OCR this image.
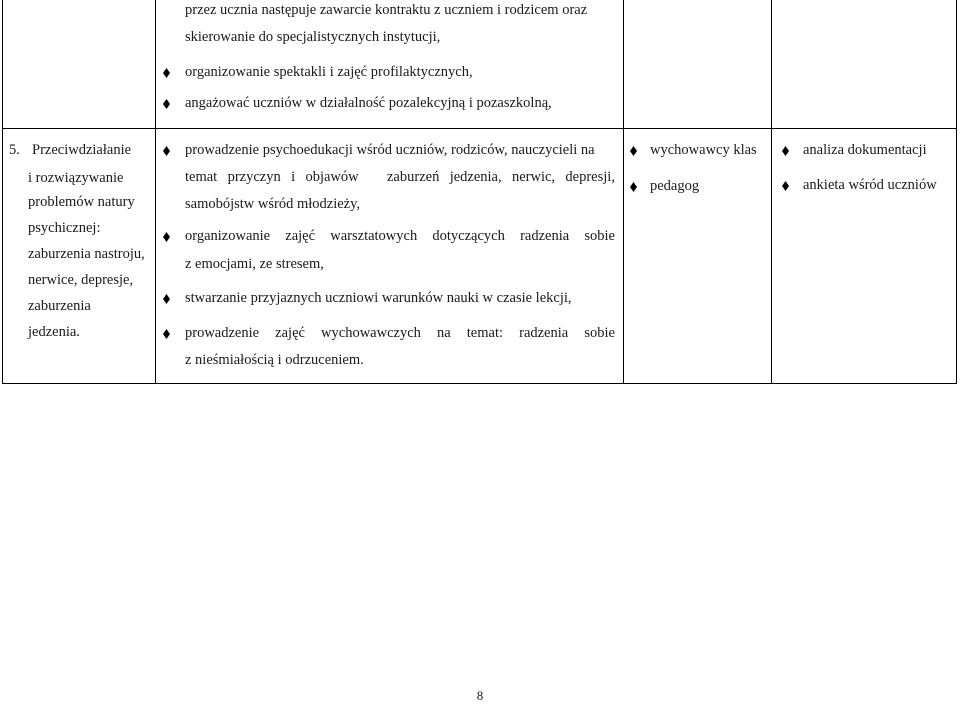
przez ucznia następuje zawarcie kontraktu z uczniem i rodzicem oraz
skierowanie do specjalistycznych instytucji,
organizowanie spektakli i zajęć profilaktycznych,
angażować uczniów w działalność pozalekcyjną i pozaszkolną,
5. Przeciwdziałanie
i rozwiązywanie
problemów natury
psychicznej:
zaburzenia nastroju,
nerwice, depresje,
zaburzenia
jedzenia.
prowadzenie psychoedukacji wśród uczniów, rodziców, nauczycieli na
temat przyczyn i objawów zaburzeń jedzenia, nerwic, depresji,
samobójstw wśród młodzieży,
organizowanie zajęć warsztatowych dotyczących radzenia sobie
z emocjami, ze stresem,
stwarzanie przyjaznych uczniowi warunków nauki w czasie lekcji,
prowadzenie zajęć wychowawczych na temat: radzenia sobie
z nieśmiałością i odrzuceniem.
wychowawcy klas
pedagog
analiza dokumentacji
ankieta wśród uczniów
8
